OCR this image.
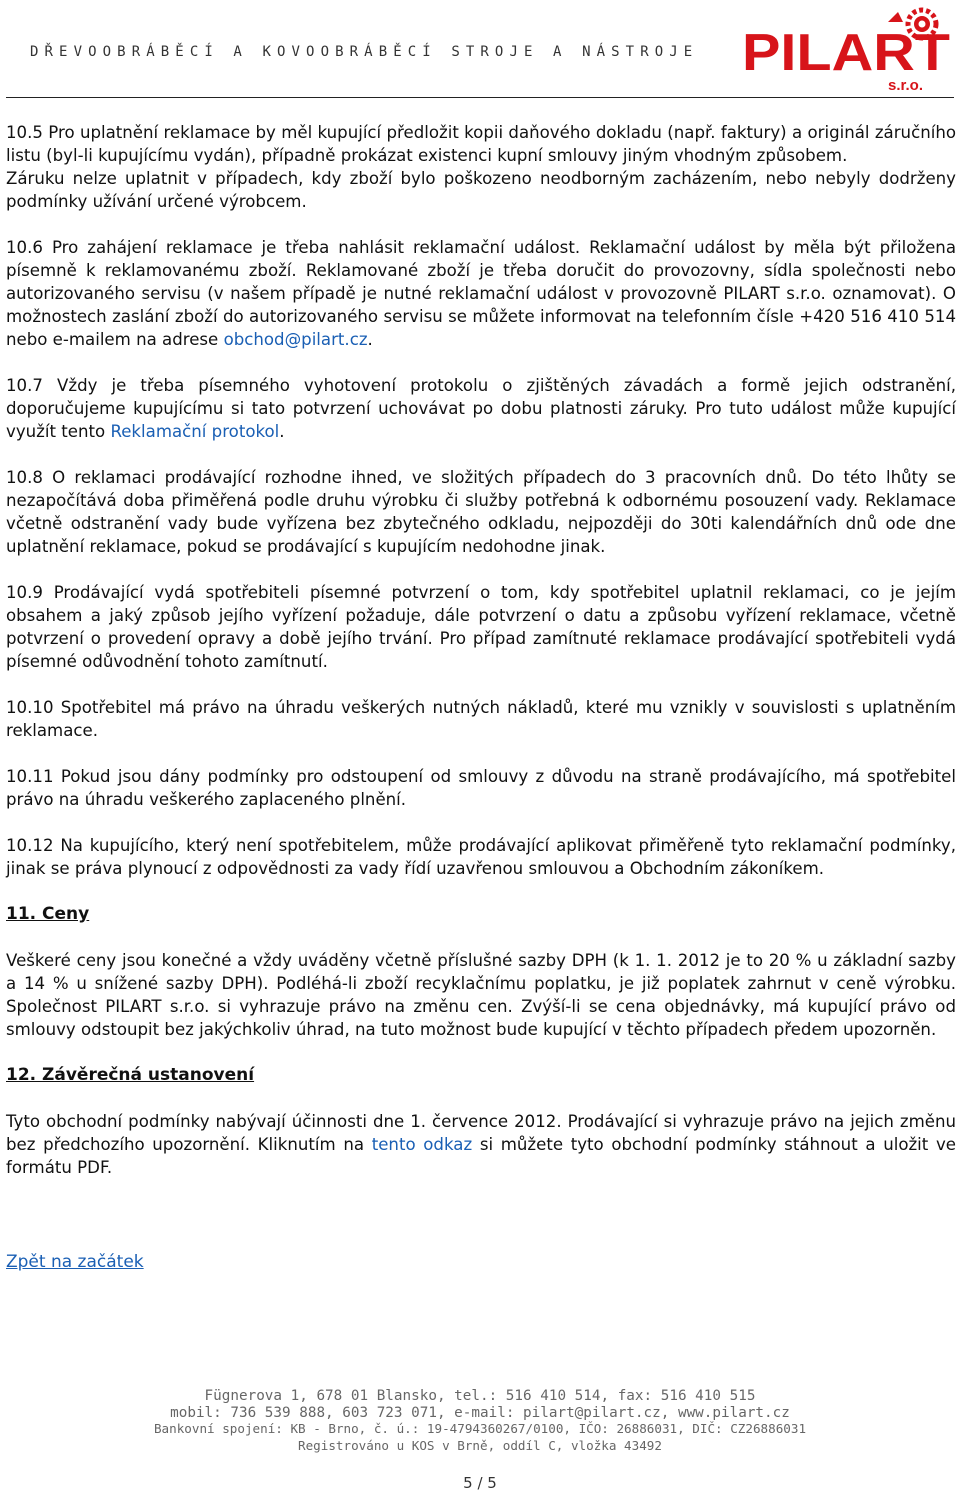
DŘEVOOBRÁBĚCÍ A KOVOOBRÁBĚCÍ STROJE A NÁSTROJE PILART
s.r.o.

10.5 Pro uplatnění reklamace by měl kupující předložit kopii daňového dokladu (např. faktury) a originál záručního listu (byl-li kupujícímu vydán), případně prokázat existenci kupní smlouvy jiným vhodným způsobem.

Záruku nelze uplatnit v případech, kdy zboží bylo poškozeno neodborným zacházením, nebo nebyly dodrženy podmínky užívání určené výrobcem.

10.6 Pro zahájení reklamace je třeba nahlásit reklamační událost. Reklamační událost by měla být přiložena písemně k reklamovanému zboží. Reklamované zboží je třeba doručit do provozovny, sídla společnosti nebo autorizovaného servisu (v našem případě je nutné reklamační událost v provozovně PILART s.r.o. oznamovat). O možnostech zaslání zboží do autorizovaného servisu se můžete informovat na telefonním čísle +420 516 410 514 nebo e-mailem na adrese obchod@pilart.cz.

10.7 Vždy je třeba písemného vyhotovení protokolu o zjištěných závadách a formě jejich odstranění, doporučujeme kupujícímu si tato potvrzení uchovávat po dobu platnosti záruky. Pro tuto událost může kupující využít tento Reklamační protokol.

10.8 O reklamaci prodávající rozhodne ihned, ve složitých případech do 3 pracovních dnů. Do této lhůty se nezapočítává doba přiměřená podle druhu výrobku či služby potřebná k odbornému posouzení vady. Reklamace včetně odstranění vady bude vyřízena bez zbytečného odkladu, nejpozději do 30ti kalendářních dnů ode dne uplatnění reklamace, pokud se prodávající s kupujícím nedohodne jinak.

10.9 Prodávající vydá spotřebiteli písemné potvrzení o tom, kdy spotřebitel uplatnil reklamaci, co je jejím obsahem a jaký způsob jejího vyřízení požaduje, dále potvrzení o datu a způsobu vyřízení reklamace, včetně potvrzení o provedení opravy a době jejího trvání. Pro případ zamítnuté reklamace prodávající spotřebiteli vydá písemné odůvodnění tohoto zamítnutí.

10.10 Spotřebitel má právo na úhradu veškerých nutných nákladů, které mu vznikly v souvislosti s uplatněním reklamace.

10.11 Pokud jsou dány podmínky pro odstoupení od smlouvy z důvodu na straně prodávajícího, má spotřebitel právo na úhradu veškerého zaplaceného plnění.

10.12 Na kupujícího, který není spotřebitelem, může prodávající aplikovat přiměřeně tyto reklamační podmínky, jinak se práva plynoucí z odpovědnosti za vady řídí uzavřenou smlouvou a Obchodním zákoníkem.

11. Ceny

Veškeré ceny jsou konečné a vždy uváděny včetně příslušné sazby DPH (k 1. 1. 2012 je to 20 % u základní sazby a 14 % u snížené sazby DPH). Podléhá-li zboží recyklačnímu poplatku, je již poplatek zahrnut v ceně výrobku. Společnost PILART s.r.o. si vyhrazuje právo na změnu cen. Zvýší-li se cena objednávky, má kupující právo od smlouvy odstoupit bez jakýchkoliv úhrad, na tuto možnost bude kupující v těchto případech předem upozorněn.

12. Závěrečná ustanovení

Tyto obchodní podmínky nabývají účinnosti dne 1. července 2012. Prodávající si vyhrazuje právo na jejich změnu bez předchozího upozornění. Kliknutím na tento odkaz si můžete tyto obchodní podmínky stáhnout a uložit ve formátu PDF.

Zpět na začátek
Fügnerova 1, 678 01 Blansko, tel.: 516 410 514, fax: 516 410 515
mobil: 736 539 888, 603 723 071, e-mail: pilart@pilart.cz, www.pilart.cz
Bankovní spojení: KB - Brno, č. ú.: 19-4794360267/0100, IČO: 26886031, DIČ: CZ26886031
Registrováno u KOS v Brně, oddíl C, vložka 43492
5 / 5
